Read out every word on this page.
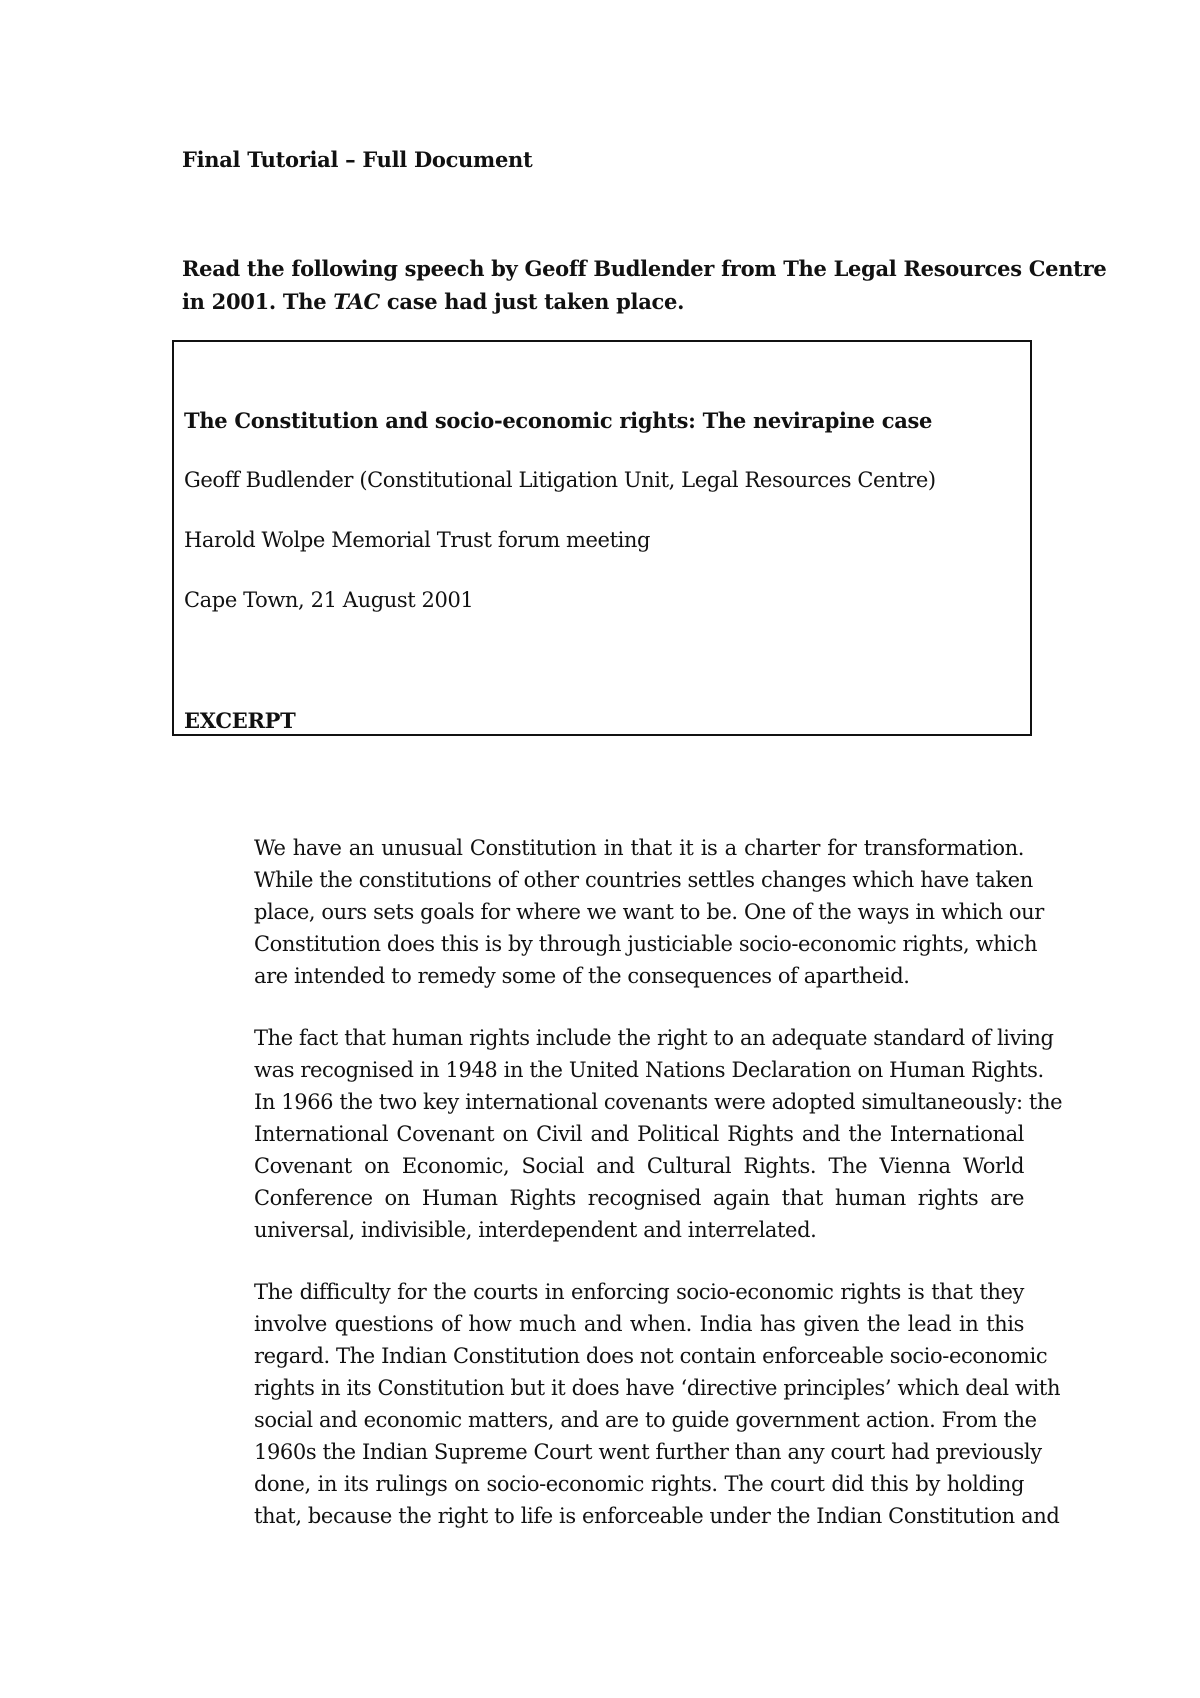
Final Tutorial – Full Document
Read the following speech by Geoff Budlender from The Legal Resources Centre
in 2001. The TAC case had just taken place.
The Constitution and socio-economic rights: The nevirapine case
Geoff Budlender (Constitutional Litigation Unit, Legal Resources Centre)
Harold Wolpe Memorial Trust forum meeting
Cape Town, 21 August 2001
EXCERPT
We have an unusual Constitution in that it is a charter for transformation.
While the constitutions of other countries settles changes which have taken
place, ours sets goals for where we want to be. One of the ways in which our
Constitution does this is by through justiciable socio-economic rights, which
are intended to remedy some of the consequences of apartheid.
The fact that human rights include the right to an adequate standard of living
was recognised in 1948 in the United Nations Declaration on Human Rights.
In 1966 the two key international covenants were adopted simultaneously: the
International Covenant on Civil and Political Rights and the International
Covenant on Economic, Social and Cultural Rights. The Vienna World
Conference on Human Rights recognised again that human rights are
universal, indivisible, interdependent and interrelated.
The difficulty for the courts in enforcing socio-economic rights is that they
involve questions of how much and when. India has given the lead in this
regard. The Indian Constitution does not contain enforceable socio-economic
rights in its Constitution but it does have ‘directive principles’ which deal with
social and economic matters, and are to guide government action. From the
1960s the Indian Supreme Court went further than any court had previously
done, in its rulings on socio-economic rights. The court did this by holding
that, because the right to life is enforceable under the Indian Constitution and
